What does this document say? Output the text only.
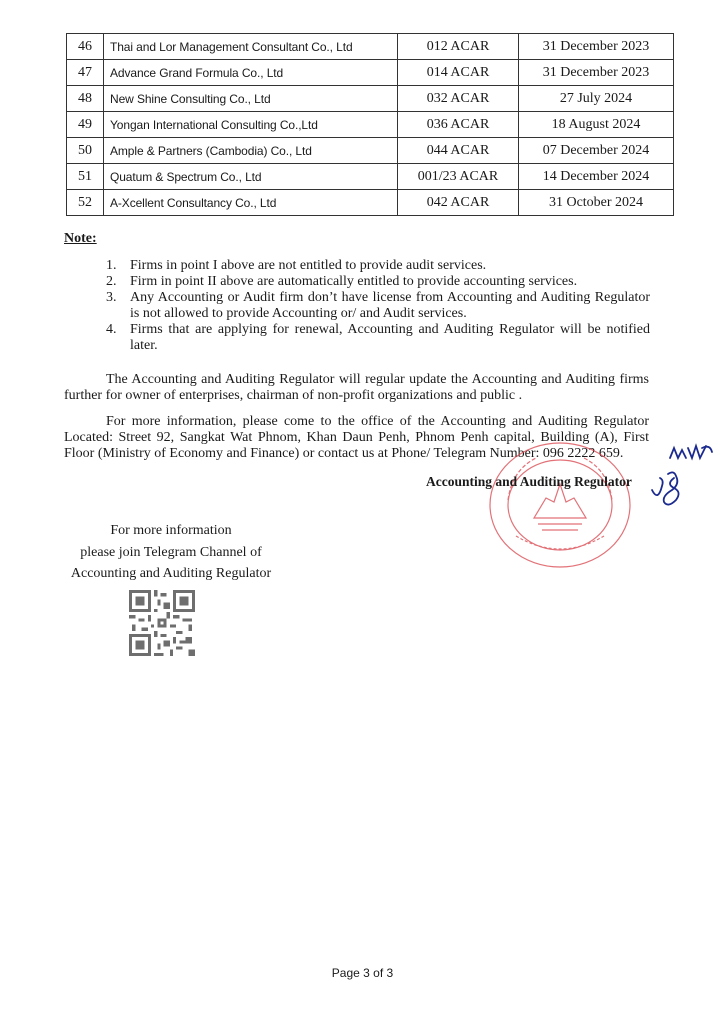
46	Thai and Lor Management Consultant Co., Ltd	012 ACAR	31 December 2023
47	Advance Grand Formula Co., Ltd	014 ACAR	31 December 2023
48	New Shine Consulting Co., Ltd	032 ACAR	27 July 2024
49	Yongan International Consulting Co.,Ltd	036 ACAR	18 August 2024
50	Ample & Partners (Cambodia) Co., Ltd	044 ACAR	07 December 2024
51	Quatum & Spectrum Co., Ltd	001/23 ACAR	14 December 2024
52	A-Xcellent Consultancy Co., Ltd	042 ACAR	31 October 2024
Note:
1. Firms in point I above are not entitled to provide audit services.
2. Firm in point II above are automatically entitled to provide accounting services.
3. Any Accounting or Audit firm don’t have license from Accounting and Auditing Regulator is not allowed to provide Accounting or/ and Audit services.
4. Firms that are applying for renewal, Accounting and Auditing Regulator will be notified later.

The Accounting and Auditing Regulator will regular update the Accounting and Auditing firms further for owner of enterprises, chairman of non-profit organizations and public .

For more information, please come to the office of the Accounting and Auditing Regulator Located: Street 92, Sangkat Wat Phnom, Khan Daun Penh, Phnom Penh capital, Building (A), First Floor (Ministry of Economy and Finance) or contact us at Phone/ Telegram Number: 096 2222 659.

Accounting and Auditing Regulator
For more information
please join Telegram Channel of
Accounting and Auditing Regulator
Page 3 of 3
